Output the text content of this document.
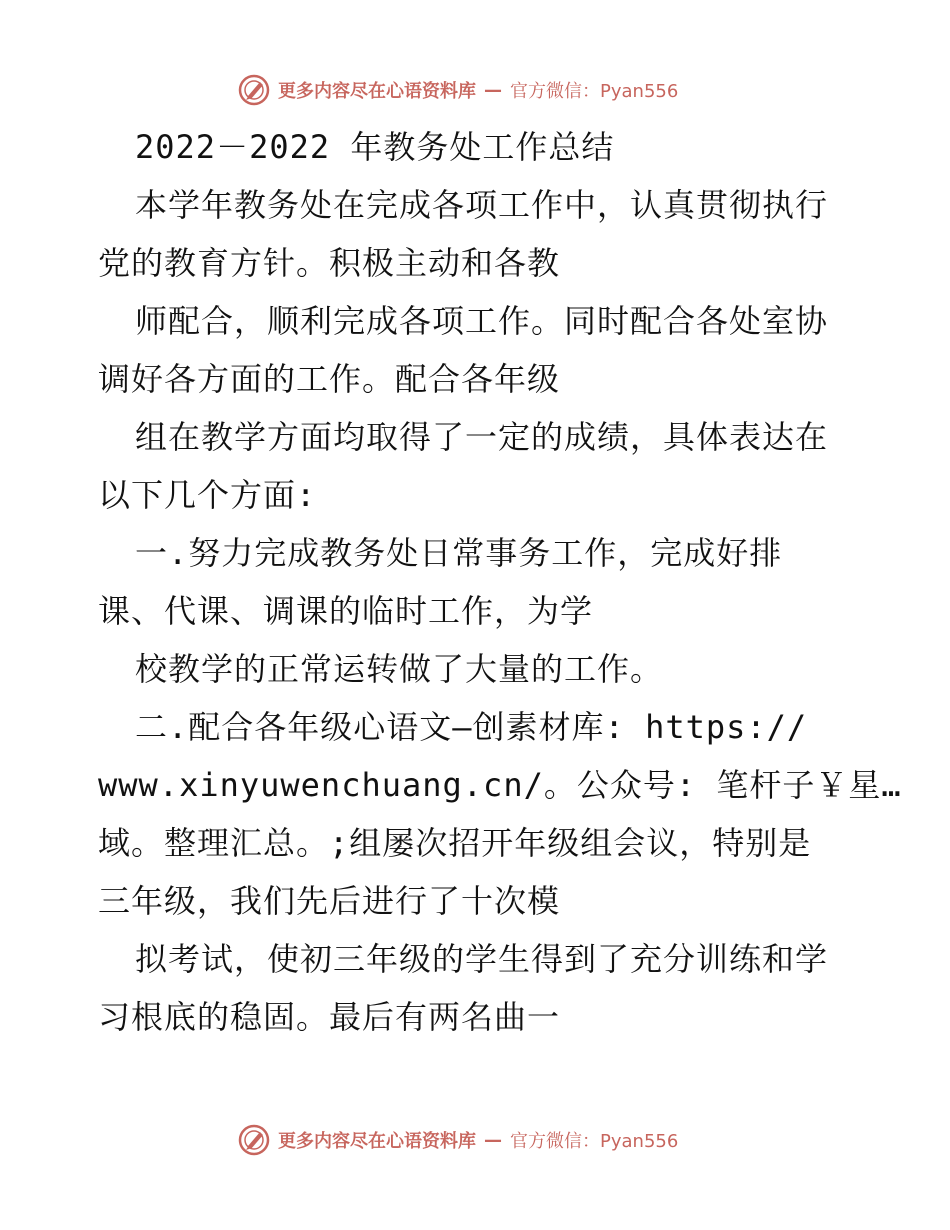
更多内容尽在心语资料库 — 官方微信：Pyan556
2022－2022 年教务处工作总结
本学年教务处在完成各项工作中，认真贯彻执行
党的教育方针。积极主动和各教
师配合，顺利完成各项工作。同时配合各处室协
调好各方面的工作。配合各年级
组在教学方面均取得了一定的成绩，具体表达在
以下几个方面:
一.努力完成教务处日常事务工作，完成好排
课、代课、调课的临时工作，为学
校教学的正常运转做了大量的工作。
二.配合各年级心语文—创素材库: https://
www.xinyuwenchuang.cn/。公众号: 笔杆子￥星…
域。整理汇总。;组屡次招开年级组会议，特别是
三年级，我们先后进行了十次模
拟考试，使初三年级的学生得到了充分训练和学
习根底的稳固。最后有两名曲一
更多内容尽在心语资料库 — 官方微信：Pyan556
